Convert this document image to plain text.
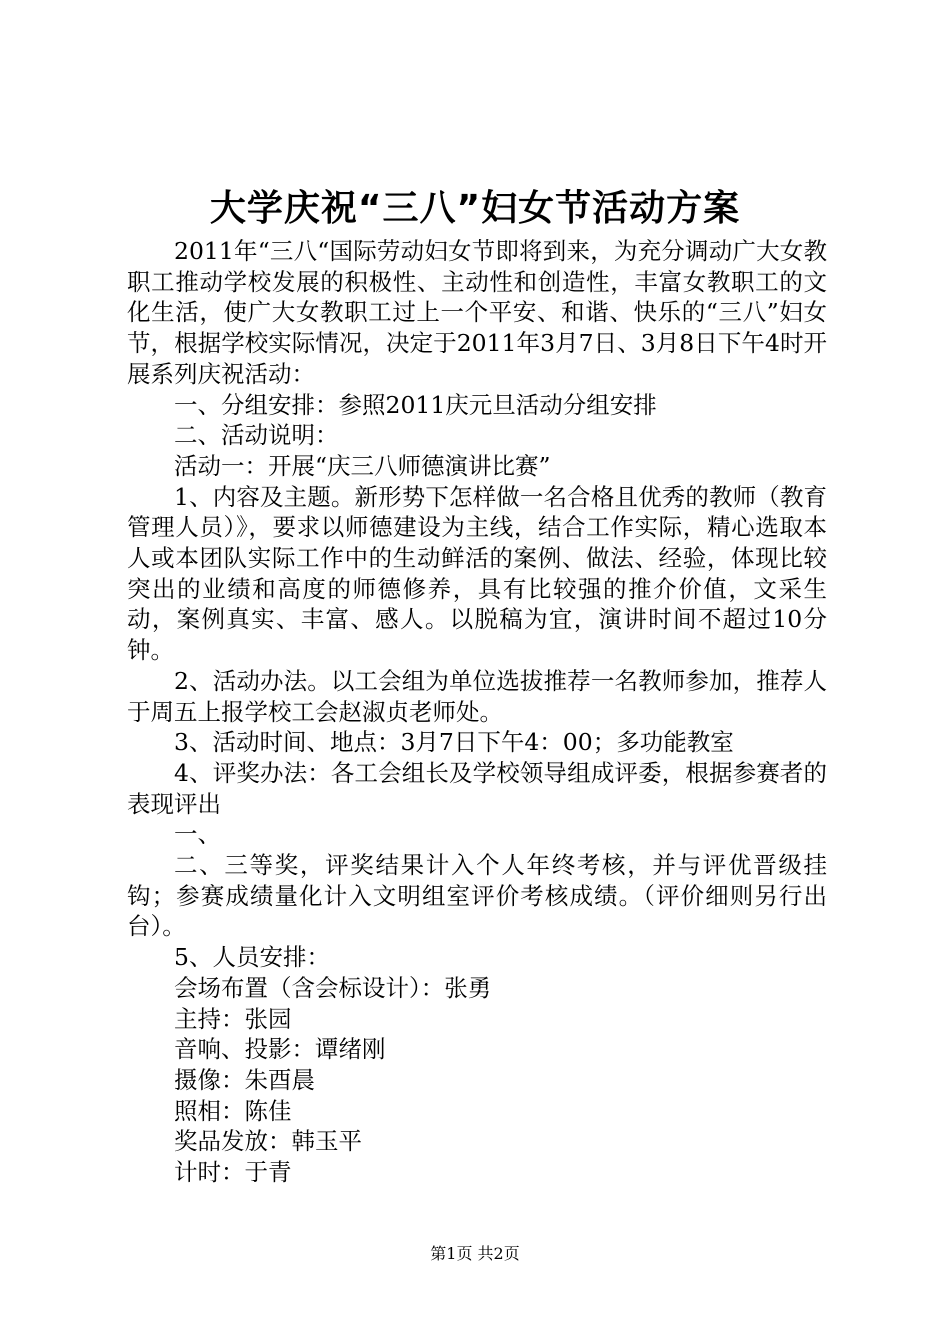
大学庆祝“三八”妇女节活动方案

2011年“三八“国际劳动妇女节即将到来，为充分调动广大女教职工推动学校发展的积极性、主动性和创造性，丰富女教职工的文化生活，使广大女教职工过上一个平安、和谐、快乐的“三八”妇女节，根据学校实际情况，决定于2011年3月7日、3月8日下午4时开展系列庆祝活动：

一、分组安排：参照2011庆元旦活动分组安排

二、活动说明：

活动一：开展“庆三八师德演讲比赛”

1、内容及主题。新形势下怎样做一名合格且优秀的教师（教育管理人员）》，要求以师德建设为主线，结合工作实际，精心选取本人或本团队实际工作中的生动鲜活的案例、做法、经验，体现比较突出的业绩和高度的师德修养，具有比较强的推介价值，文采生动，案例真实、丰富、感人。以脱稿为宜，演讲时间不超过10分钟。

2、活动办法。以工会组为单位选拔推荐一名教师参加，推荐人于周五上报学校工会赵淑贞老师处。

3、活动时间、地点：3月7日下午4：00；多功能教室

4、评奖办法：各工会组长及学校领导组成评委，根据参赛者的表现评出

一、

二、三等奖，评奖结果计入个人年终考核，并与评优晋级挂钩；参赛成绩量化计入文明组室评价考核成绩。（评价细则另行出台）。

5、人员安排：

会场布置（含会标设计）：张勇

主持：张园

音响、投影：谭绪刚

摄像：朱酉晨

照相：陈佳

奖品发放：韩玉平

计时：于青

第1页 共2页
